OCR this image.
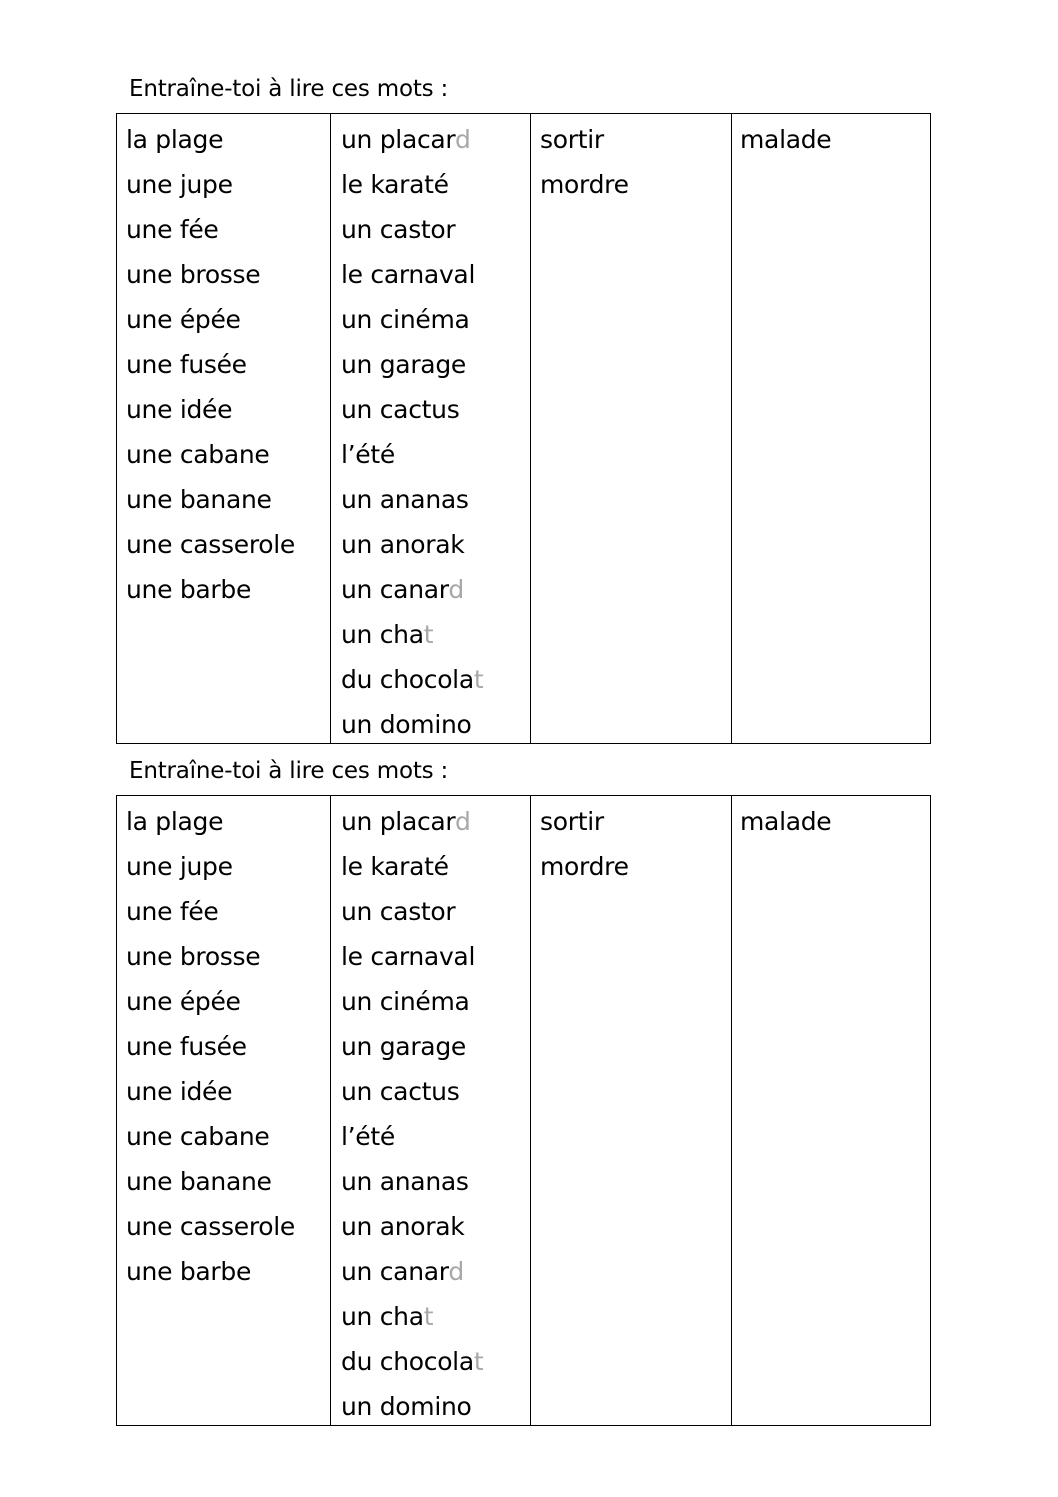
Entraîne-toi à lire ces mots :
la plage
une jupe
une fée
une brosse
une épée
une fusée
une idée
une cabane
une banane
une casserole
une barbe
un placard
le karaté
un castor
le carnaval
un cinéma
un garage
un cactus
l’été
un ananas
un anorak
un canard
un chat
du chocolat
un domino
sortir
mordre
malade
Entraîne-toi à lire ces mots :
la plage
une jupe
une fée
une brosse
une épée
une fusée
une idée
une cabane
une banane
une casserole
une barbe
un placard
le karaté
un castor
le carnaval
un cinéma
un garage
un cactus
l’été
un ananas
un anorak
un canard
un chat
du chocolat
un domino
sortir
mordre
malade
